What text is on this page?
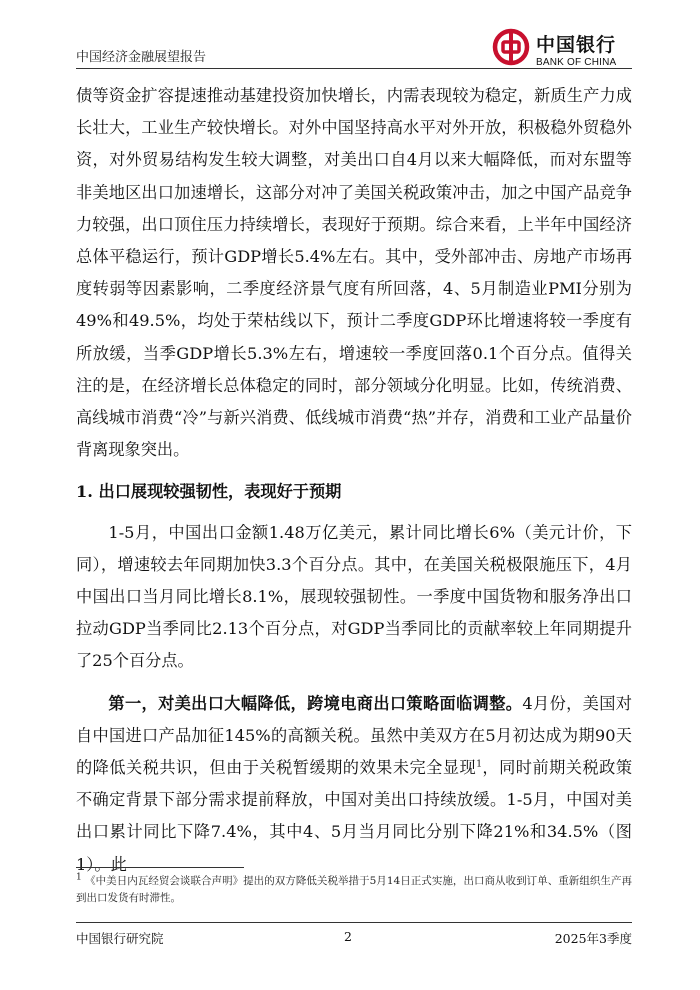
中国经济金融展望报告
中国银行
BANK OF CHINA

债等资金扩容提速推动基建投资加快增长，内需表现较为稳定，新质生产力成长壮大，工业生产较快增长。对外中国坚持高水平对外开放，积极稳外贸稳外资，对外贸易结构发生较大调整，对美出口自4月以来大幅降低，而对东盟等非美地区出口加速增长，这部分对冲了美国关税政策冲击，加之中国产品竞争力较强，出口顶住压力持续增长，表现好于预期。综合来看，上半年中国经济总体平稳运行，预计GDP增长5.4%左右。其中，受外部冲击、房地产市场再度转弱等因素影响，二季度经济景气度有所回落，4、5月制造业PMI分别为49%和49.5%，均处于荣枯线以下，预计二季度GDP环比增速将较一季度有所放缓，当季GDP增长5.3%左右，增速较一季度回落0.1个百分点。值得关注的是，在经济增长总体稳定的同时，部分领域分化明显。比如，传统消费、高线城市消费“冷”与新兴消费、低线城市消费“热”并存，消费和工业产品量价背离现象突出。

1. 出口展现较强韧性，表现好于预期

1-5月，中国出口金额1.48万亿美元，累计同比增长6%（美元计价，下同），增速较去年同期加快3.3个百分点。其中，在美国关税极限施压下，4月中国出口当月同比增长8.1%，展现较强韧性。一季度中国货物和服务净出口拉动GDP当季同比2.13个百分点，对GDP当季同比的贡献率较上年同期提升了25个百分点。

第一，对美出口大幅降低，跨境电商出口策略面临调整。4月份，美国对自中国进口产品加征145%的高额关税。虽然中美双方在5月初达成为期90天的降低关税共识，但由于关税暂缓期的效果未完全显现$^1$，同时前期关税政策不确定背景下部分需求提前释放，中国对美出口持续放缓。1-5月，中国对美出口累计同比下降7.4%，其中4、5月当月同比分别下降21%和34.5%（图1）。此

$^1$ 《中美日内瓦经贸会谈联合声明》提出的双方降低关税举措于5月14日正式实施，出口商从收到订单、重新组织生产再到出口发货有时滞性。
中国银行研究院	2	2025年3季度
